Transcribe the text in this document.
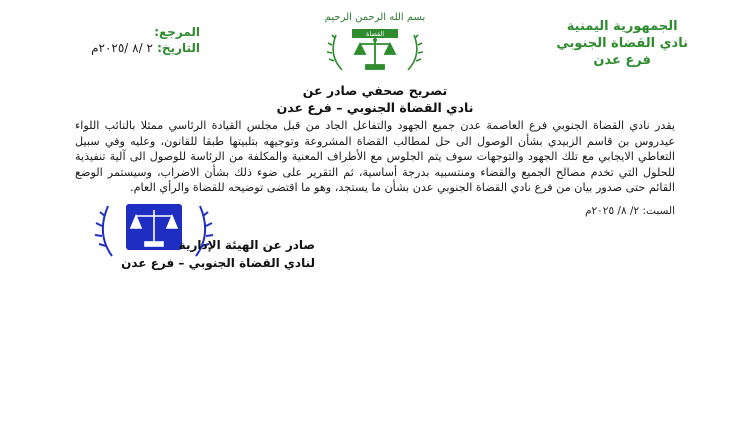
بسم الله الرحمن الرحيم
الجمهورية اليمنية
نادي القضاة الجنوبي
فرع عدن
المرجع:
التاريخ: ٢ /٨ /٢٠٢٥م
القضاة
تصريح صحفي صادر عن
نادي القضاة الجنوبي – فرع عدن
يقدر نادي القضاة الجنوبي فرع العاصمة عدن جميع الجهود والتفاعل الجاد من قبل مجلس القيادة الرئاسي ممثلا بالنائب اللواء عيدروس بن قاسم الزبيدي بشأن الوصول الى حل لمطالب القضاة المشروعة وتوجيهه بتلبيتها طبقا للقانون، وعليه وفي سبيل التعاطي الايجابي مع تلك الجهود والتوجهات سوف يتم الجلوس مع الأطراف المعنية والمكلفة من الرئاسة للوصول الى آلية تنفيذية للحلول التي تخدم مصالح الجميع والقضاء ومنتسبيه بدرجة أساسية، ثم التقرير على ضوء ذلك بشأن الاضراب، وسيستمر الوضع القائم حتى صدور بيان من فرع نادي القضاة الجنوبي عدن بشأن ما يستجد، وهو ما اقتضى توضيحه للقضاة والرأي العام.
السبت: ٢/ ٨/ ٢٠٢٥م
صادر عن الهيئة الإدارية
لنادي القضاة الجنوبي – فرع عدن
